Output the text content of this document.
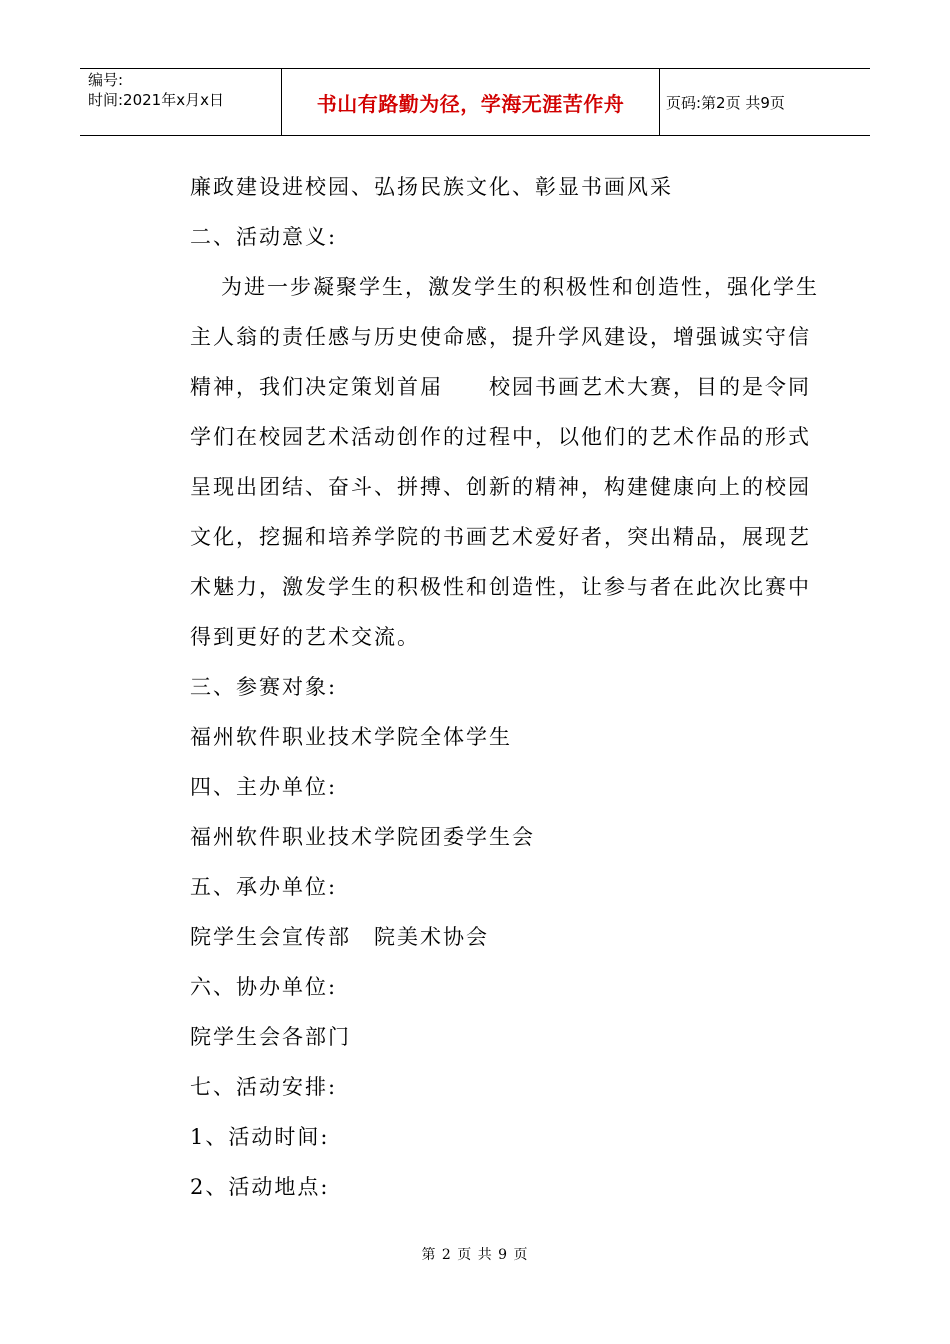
编号:
时间:2021年x月x日	书山有路勤为径，学海无涯苦作舟	页码:第2页 共9页

廉政建设进校园、弘扬民族文化、彰显书画风采

二、活动意义:

为进一步凝聚学生，激发学生的积极性和创造性，强化学生

主人翁的责任感与历史使命感，提升学风建设，增强诚实守信

精神，我们决定策划首届　　校园书画艺术大赛，目的是令同

学们在校园艺术活动创作的过程中，以他们的艺术作品的形式

呈现出团结、奋斗、拼搏、创新的精神，构建健康向上的校园

文化，挖掘和培养学院的书画艺术爱好者，突出精品，展现艺

术魅力，激发学生的积极性和创造性，让参与者在此次比赛中

得到更好的艺术交流。

三、参赛对象:

福州软件职业技术学院全体学生

四、主办单位:

福州软件职业技术学院团委学生会

五、承办单位:

院学生会宣传部　院美术协会

六、协办单位:

院学生会各部门

七、活动安排:

1、活动时间:

2、活动地点:

第 2 页 共 9 页
